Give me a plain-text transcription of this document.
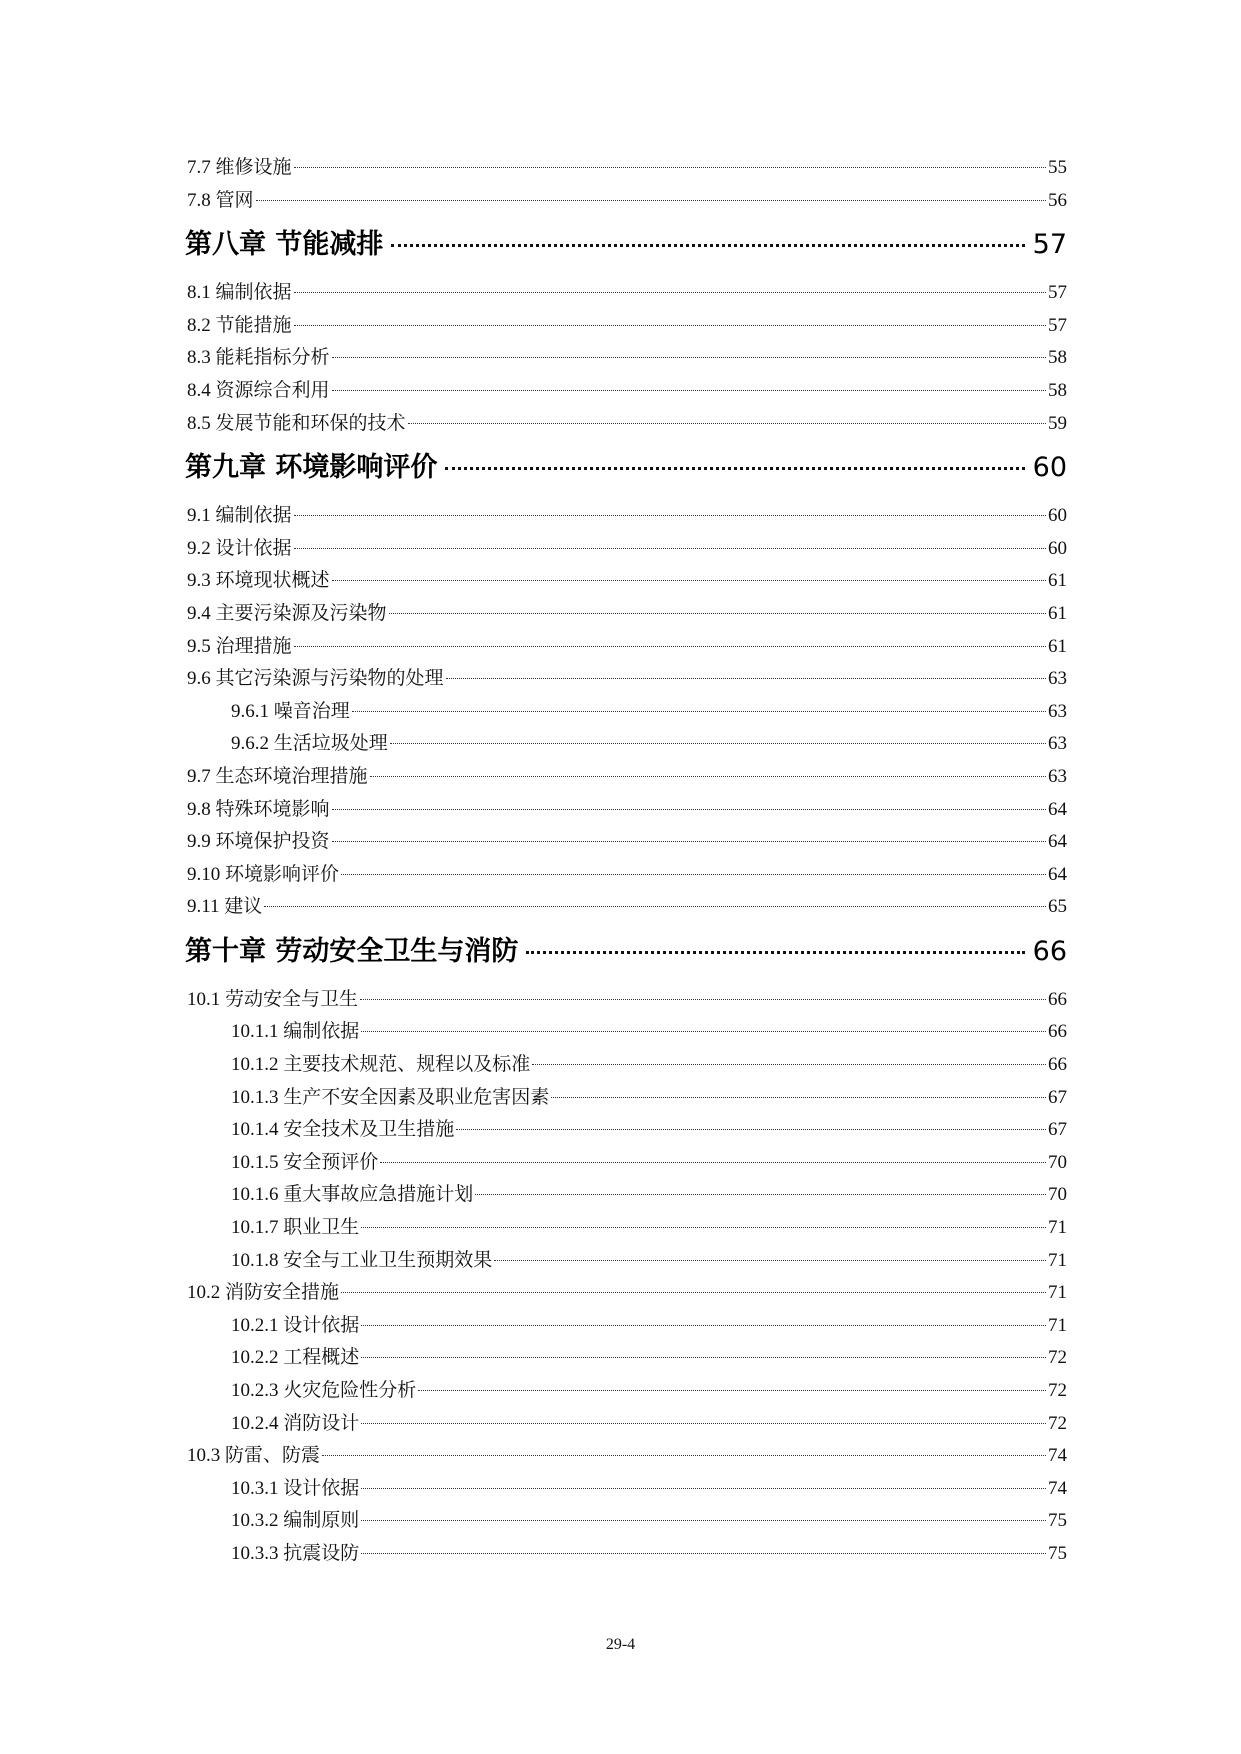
7.7 维修设施	55
7.8 管网	56
第八章 节能减排	57
8.1 编制依据	57
8.2 节能措施	57
8.3 能耗指标分析	58
8.4 资源综合利用	58
8.5 发展节能和环保的技术	59
第九章 环境影响评价	60
9.1 编制依据	60
9.2 设计依据	60
9.3 环境现状概述	61
9.4 主要污染源及污染物	61
9.5 治理措施	61
9.6 其它污染源与污染物的处理	63
9.6.1 噪音治理	63
9.6.2 生活垃圾处理	63
9.7 生态环境治理措施	63
9.8 特殊环境影响	64
9.9 环境保护投资	64
9.10 环境影响评价	64
9.11 建议	65
第十章 劳动安全卫生与消防	66
10.1 劳动安全与卫生	66
10.1.1 编制依据	66
10.1.2 主要技术规范、规程以及标准	66
10.1.3 生产不安全因素及职业危害因素	67
10.1.4 安全技术及卫生措施	67
10.1.5 安全预评价	70
10.1.6 重大事故应急措施计划	70
10.1.7 职业卫生	71
10.1.8 安全与工业卫生预期效果	71
10.2 消防安全措施	71
10.2.1 设计依据	71
10.2.2 工程概述	72
10.2.3 火灾危险性分析	72
10.2.4 消防设计	72
10.3 防雷、防震	74
10.3.1 设计依据	74
10.3.2 编制原则	75
10.3.3 抗震设防	75
29-4
